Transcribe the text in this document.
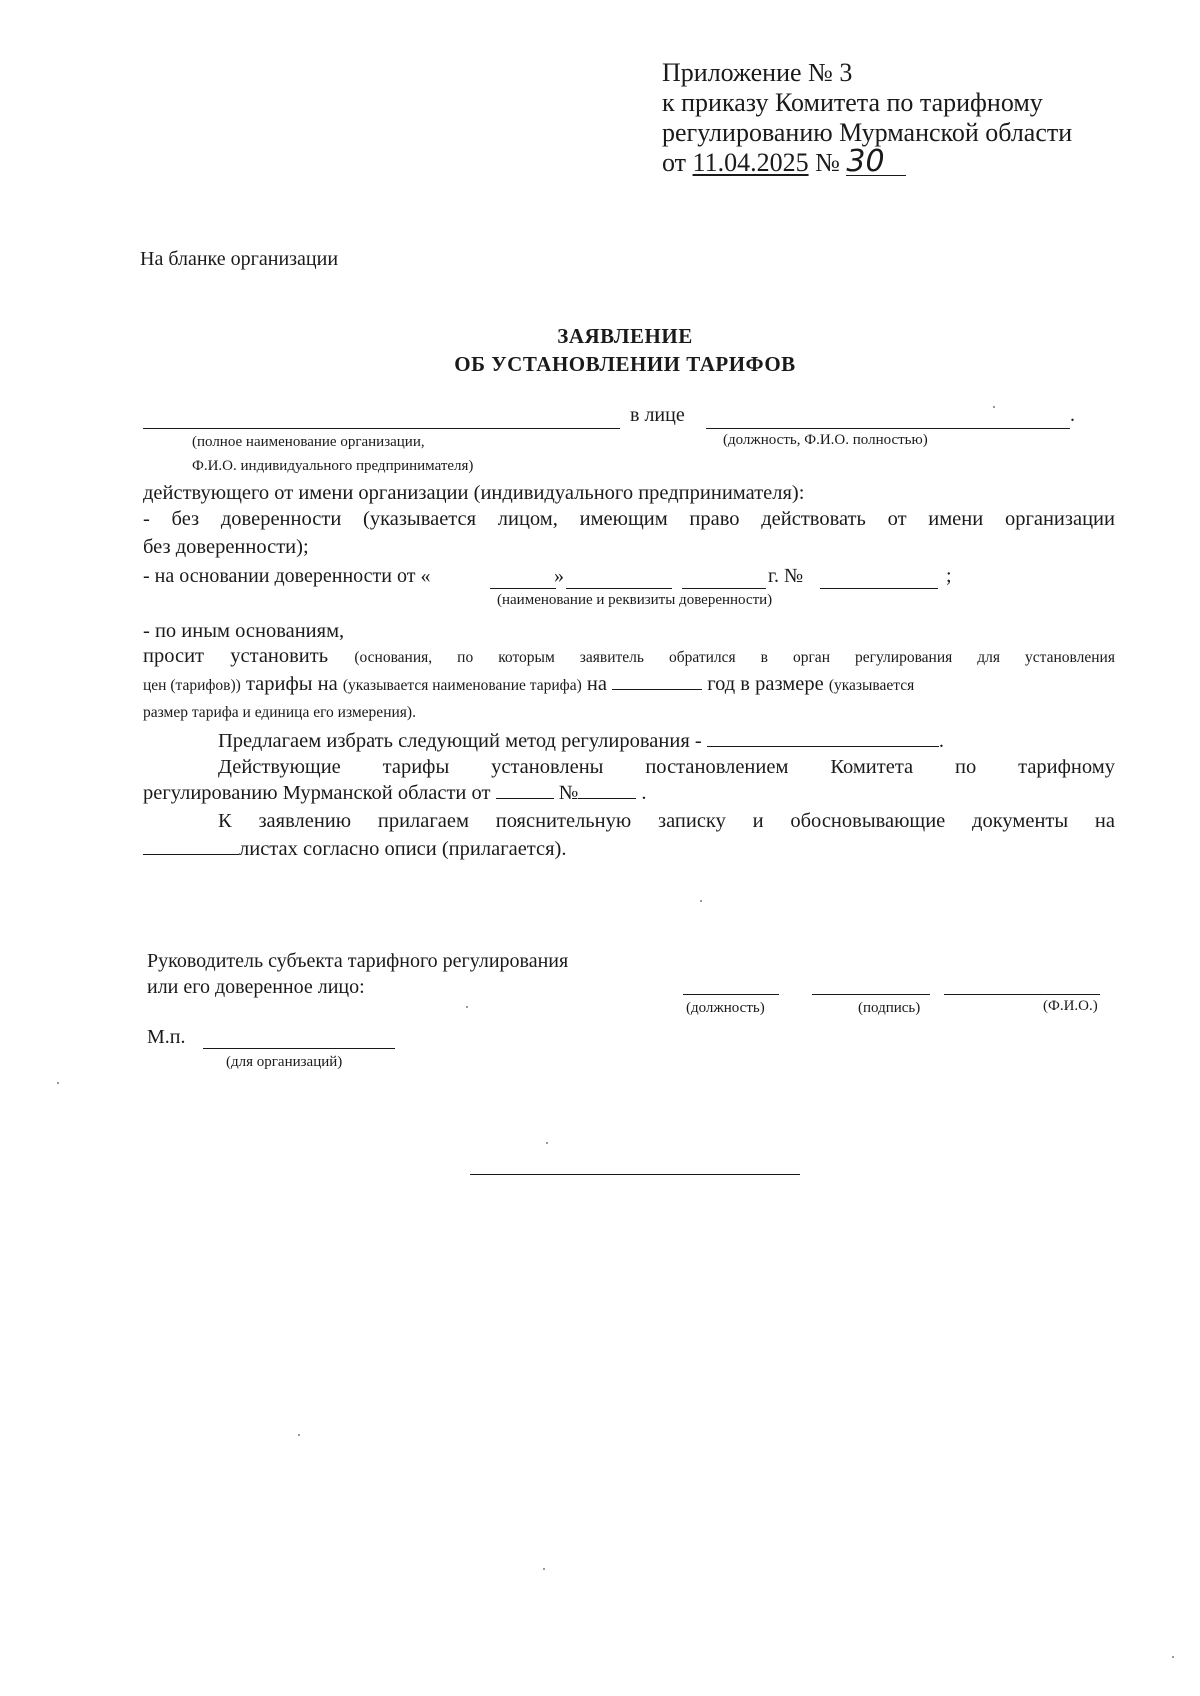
Приложение № 3
к приказу Комитета по тарифному
регулированию Мурманской области
от 11.04.2025 № 30
На бланке организации
ЗАЯВЛЕНИЕ
ОБ УСТАНОВЛЕНИИ ТАРИФОВ
в лице	.
(полное наименование организации,	(должность, Ф.И.О. полностью)
Ф.И.О. индивидуального предпринимателя)
действующего от имени организации (индивидуального предпринимателя):
- без доверенности (указывается лицом, имеющим право действовать от имени организации
без доверенности);
- на основании доверенности от «	»	г. №	;
(наименование и реквизиты доверенности)
- по иным основаниям,
просит установить (основания, по которым заявитель обратился в орган регулирования для установления
цен (тарифов)) тарифы на (указывается наименование тарифа) на	год в размере (указывается
размер тарифа и единица его измерения).
Предлагаем избрать следующий метод регулирования -	.
Действующие тарифы установлены постановлением Комитета по тарифному
регулированию Мурманской области от	№	.
К заявлению прилагаем пояснительную записку и обосновывающие документы на
листах согласно описи (прилагается).
Руководитель субъекта тарифного регулирования
или его доверенное лицо:
(должность)	(подпись)	(Ф.И.О.)
М.п.
(для организаций)
